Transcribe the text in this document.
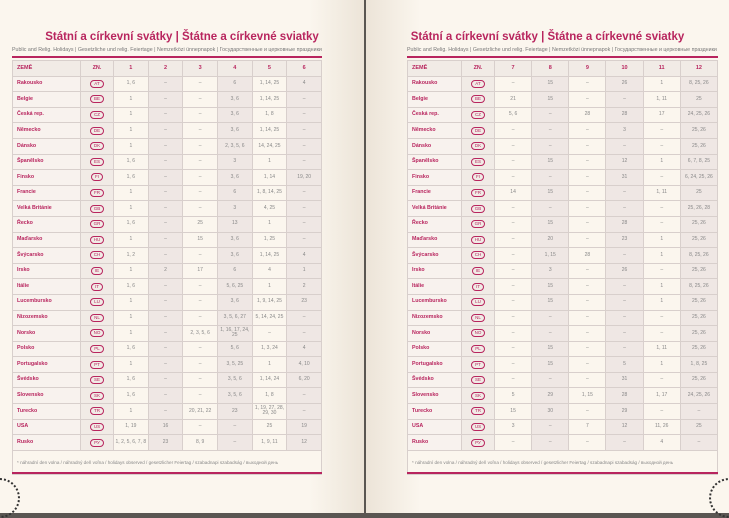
Státní a církevní svátky | Štátne a církevné sviatky
Public and Relig. Holidays | Gesetzliche und relig. Feiertage | Nemzetközi ünnepnapok | Государственные и церковные праздники
ZEMĚ	ZN.	1	2	3	4	5	6
Rakousko	AT	1, 6	–	–	6	1, 14, 25	4
Belgie	BE	1	–	–	3, 6	1, 14, 25	–
Česká rep.	CZ	1	–	–	3, 6	1, 8	–
Německo	DE	1	–	–	3, 6	1, 14, 25	–
Dánsko	DK	1	–	–	2, 3, 5, 6	14, 24, 25	–
Španělsko	ES	1, 6	–	–	3	1	–
Finsko	FI	1, 6	–	–	3, 6	1, 14	19, 20
Francie	FR	1	–	–	6	1, 8, 14, 25	–
Velká Británie	GB	1	–	–	3	4, 25	–
Řecko	GR	1, 6	–	25	13	1	–
Maďarsko	HU	1	–	15	3, 6	1, 25	–
Švýcarsko	CH	1, 2	–	–	3, 6	1, 14, 25	4
Irsko	IE	1	2	17	6	4	1
Itálie	IT	1, 6	–	–	5, 6, 25	1	2
Lucembursko	LU	1	–	–	3, 6	1, 9, 14, 25	23
Nizozemsko	NL	1	–	–	3, 5, 6, 27	5, 14, 24, 25	–
Norsko	NO	1	–	2, 3, 5, 6	1, 16, 17, 24, 25	–	–
Polsko	PL	1, 6	–	–	5, 6	1, 3, 24	4
Portugalsko	PT	1	–	–	3, 5, 25	1	4, 10
Švédsko	SE	1, 6	–	–	3, 5, 6	1, 14, 24	6, 20
Slovensko	SK	1, 6	–	–	3, 5, 6	1, 8	–
Turecko	TR	1	–	20, 21, 22	23	1, 19, 27, 28, 29, 30	–
USA	US	1, 19	16	–	–	25	19
Rusko	РУ	1, 2, 5, 6, 7, 8	23	8, 9	–	1, 9, 11	12
* náhradní den volna / náhradný deň voľna / holidays observed / gesetzlicher Feiertag / szabadnapi szabadság / выходной день							
Státní a církevní svátky | Štátne a církevné sviatky
Public and Relig. Holidays | Gesetzliche und relig. Feiertage | Nemzetközi ünnepnapok | Государственные и церковные праздники
ZEMĚ	ZN.	7	8	9	10	11	12
Rakousko	AT	–	15	–	26	1	8, 25, 26
Belgie	BE	21	15	–	–	1, 11	25
Česká rep.	CZ	5, 6	–	28	28	17	24, 25, 26
Německo	DE	–	–	–	3	–	25, 26
Dánsko	DK	–	–	–	–	–	25, 26
Španělsko	ES	–	15	–	12	1	6, 7, 8, 25
Finsko	FI	–	–	–	31	–	6, 24, 25, 26
Francie	FR	14	15	–	–	1, 11	25
Velká Británie	GB	–	–	–	–	–	25, 26, 28
Řecko	GR	–	15	–	28	–	25, 26
Maďarsko	HU	–	20	–	23	1	25, 26
Švýcarsko	CH	–	1, 15	28	–	1	8, 25, 26
Irsko	IE	–	3	–	26	–	25, 26
Itálie	IT	–	15	–	–	1	8, 25, 26
Lucembursko	LU	–	15	–	–	1	25, 26
Nizozemsko	NL	–	–	–	–	–	25, 26
Norsko	NO	–	–	–	–	–	25, 26
Polsko	PL	–	15	–	–	1, 11	25, 26
Portugalsko	PT	–	15	–	5	1	1, 8, 25
Švédsko	SE	–	–	–	31	–	25, 26
Slovensko	SK	5	29	1, 15	28	1, 17	24, 25, 26
Turecko	TR	15	30	–	29	–	–
USA	US	3	–	7	12	11, 26	25
Rusko	РУ	–	–	–	–	4	–
* náhradní den volna / náhradný deň voľna / holidays observed / gesetzlicher Feiertag / szabadnapi szabadság / выходной день							
